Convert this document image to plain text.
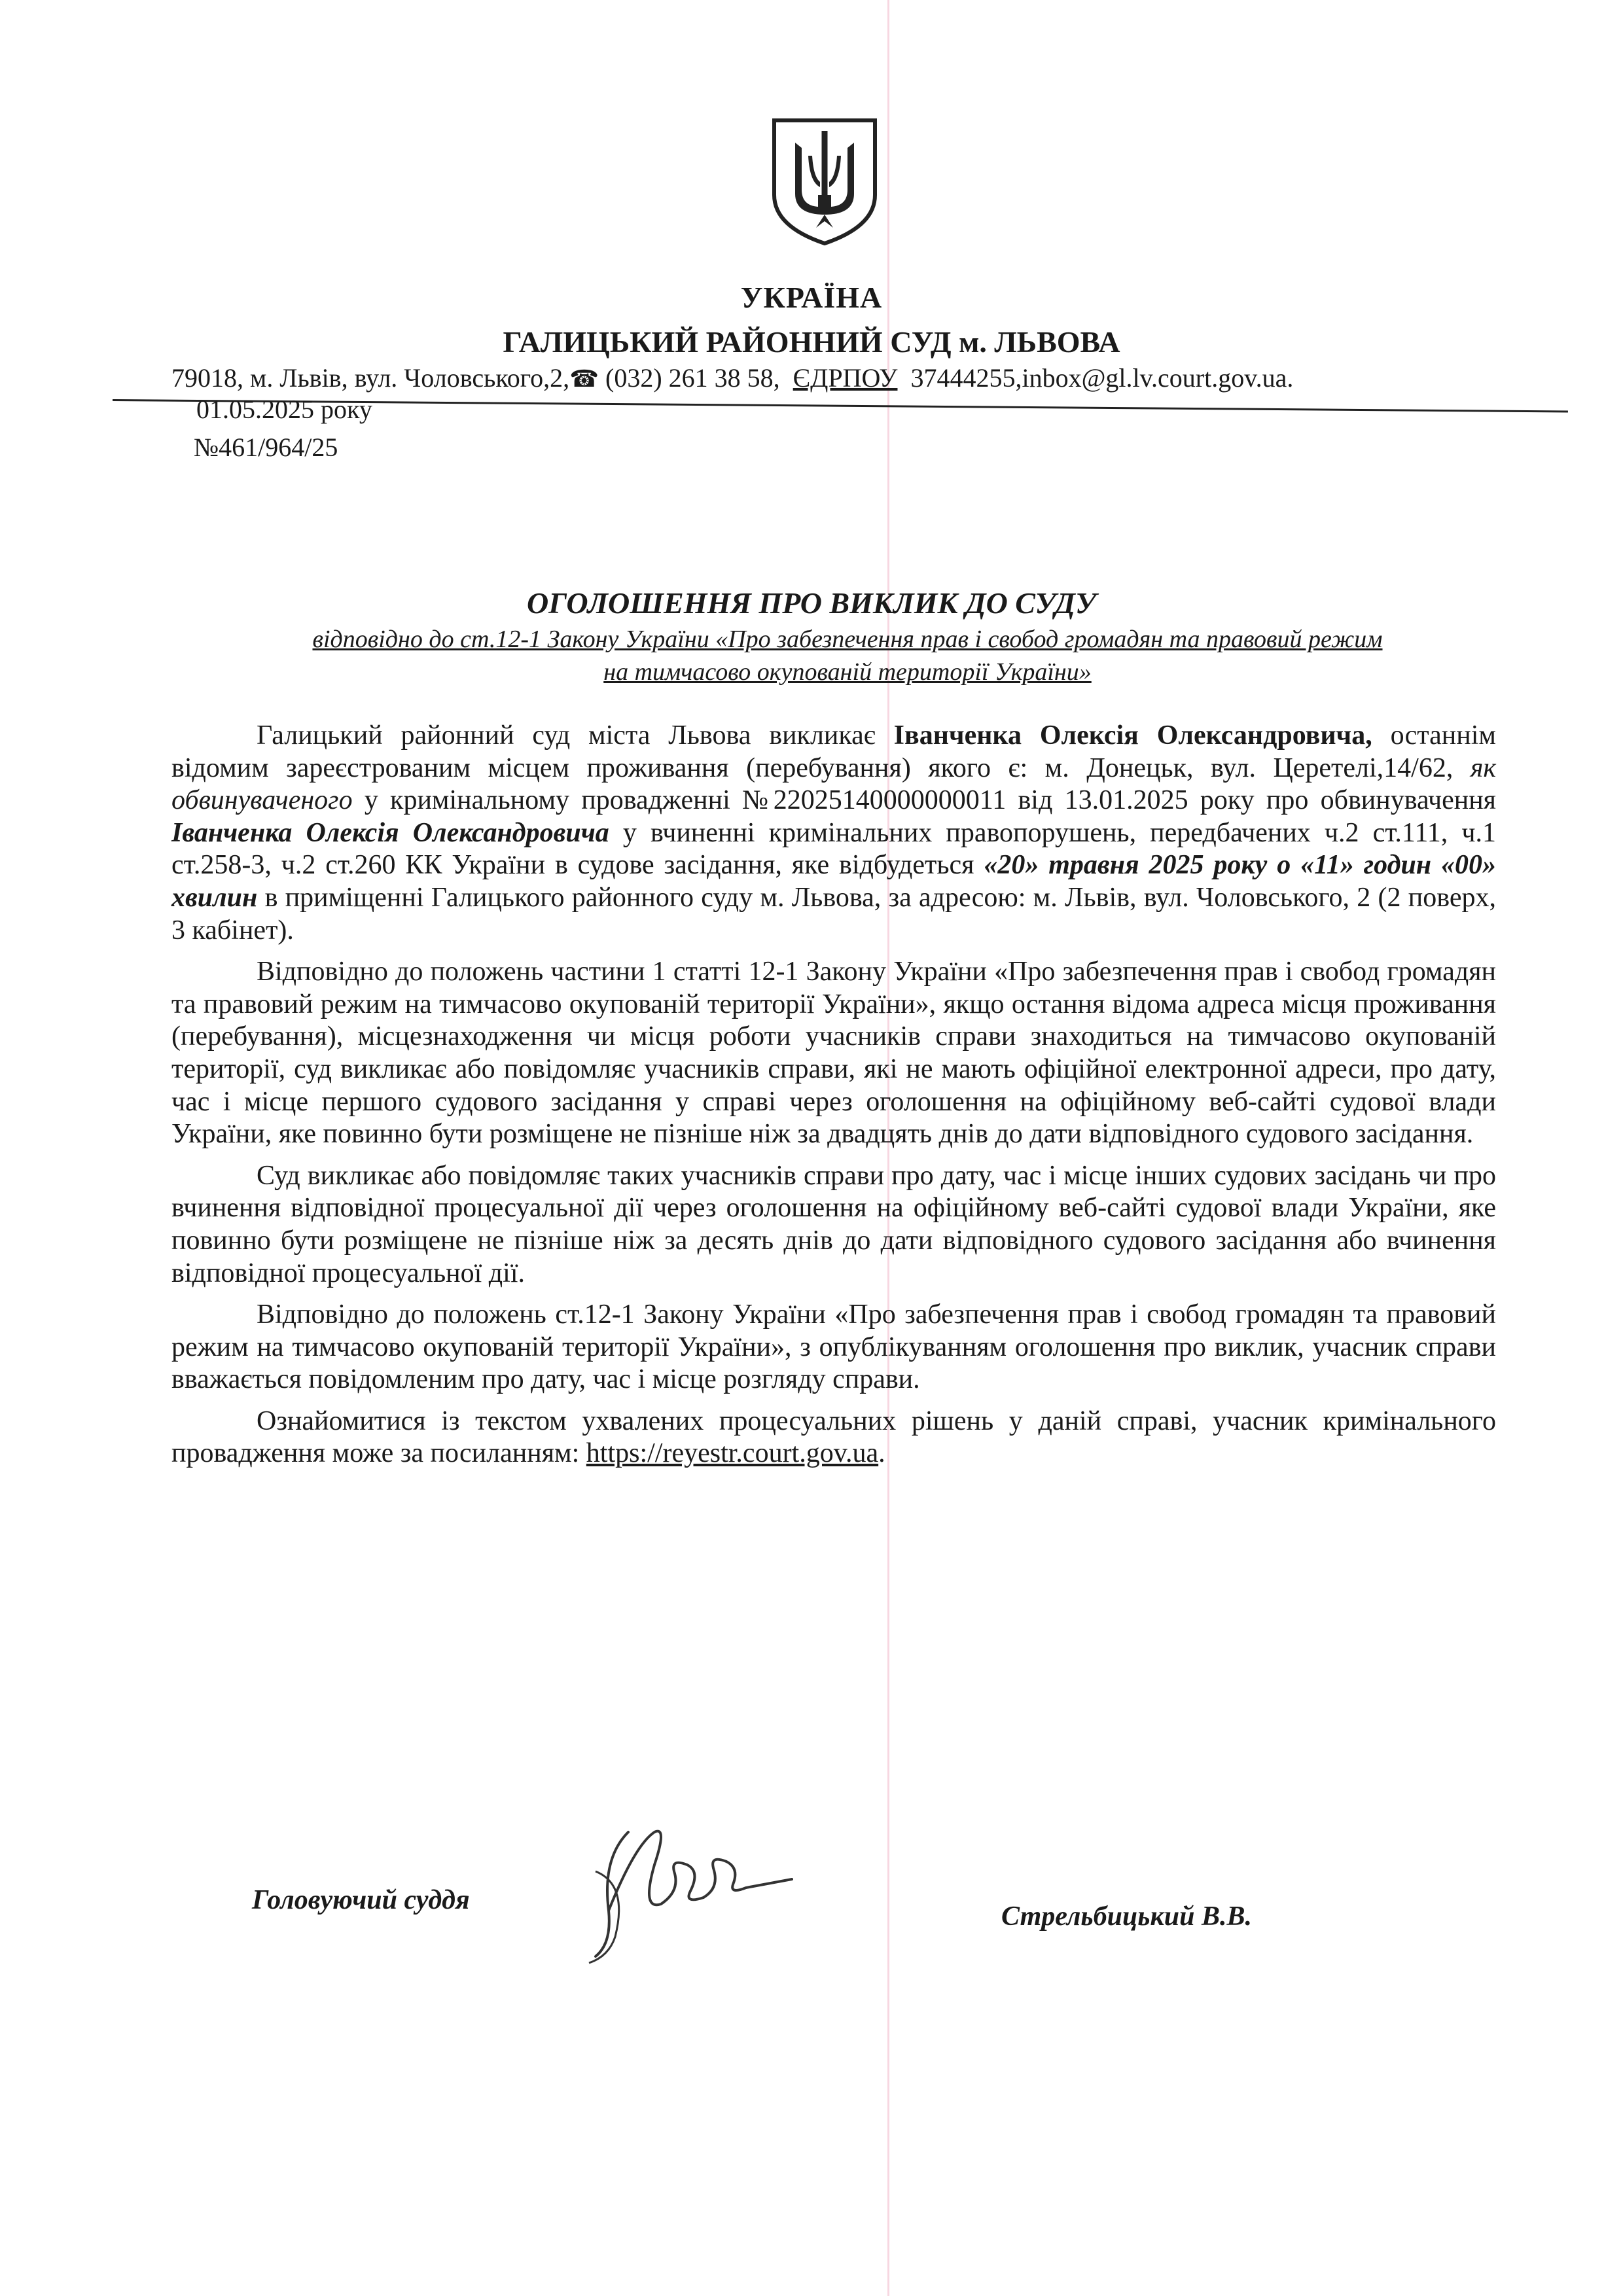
УКРАЇНА
ГАЛИЦЬКИЙ РАЙОННИЙ СУД м. ЛЬВОВА
79018, м. Львів, вул. Чоловського,2,☎ (032) 261 38 58,  ЄДРПОУ 37444255,inbox@gl.lv.court.gov.ua.
01.05.2025 року
№461/964/25
ОГОЛОШЕННЯ ПРО ВИКЛИК ДО СУДУ
відповідно до ст.12-1 Закону України «Про забезпечення прав і свобод громадян та правовий режим
на тимчасово окупованій території України»

Галицький районний суд міста Львова викликає Іванченка Олексія Олександровича, останнім відомим зареєстрованим місцем проживання (перебування) якого є: м. Донецьк, вул. Церетелі,14/62, як обвинуваченого у кримінальному провадженні №22025140000000011 від 13.01.2025 року про обвинувачення Іванченка Олексія Олександровича у вчиненні кримінальних правопорушень, передбачених ч.2 ст.111, ч.1 ст.258-3, ч.2 ст.260 КК України в судове засідання, яке відбудеться «20» травня 2025 року о «11» годин «00» хвилин в приміщенні Галицького районного суду м. Львова, за адресою: м. Львів, вул. Чоловського, 2 (2 поверх, 3 кабінет).

Відповідно до положень частини 1 статті 12-1 Закону України «Про забезпечення прав і свобод громадян та правовий режим на тимчасово окупованій території України», якщо остання відома адреса місця проживання (перебування), місцезнаходження чи місця роботи учасників справи знаходиться на тимчасово окупованій території, суд викликає або повідомляє учасників справи, які не мають офіційної електронної адреси, про дату, час і місце першого судового засідання у справі через оголошення на офіційному веб-сайті судової влади України, яке повинно бути розміщене не пізніше ніж за двадцять днів до дати відповідного судового засідання.

Суд викликає або повідомляє таких учасників справи про дату, час і місце інших судових засідань чи про вчинення відповідної процесуальної дії через оголошення на офіційному веб-сайті судової влади України, яке повинно бути розміщене не пізніше ніж за десять днів до дати відповідного судового засідання або вчинення відповідної процесуальної дії.

Відповідно до положень ст.12-1 Закону України «Про забезпечення прав і свобод громадян та правовий режим на тимчасово окупованій території України», з опублікуванням оголошення про виклик, учасник справи вважається повідомленим про дату, час і місце розгляду справи.

Ознайомитися із текстом ухвалених процесуальних рішень у даній справі, учасник кримінального провадження може за посиланням: https://reyestr.court.gov.ua.

Головуючий суддя
Стрельбицький В.В.
